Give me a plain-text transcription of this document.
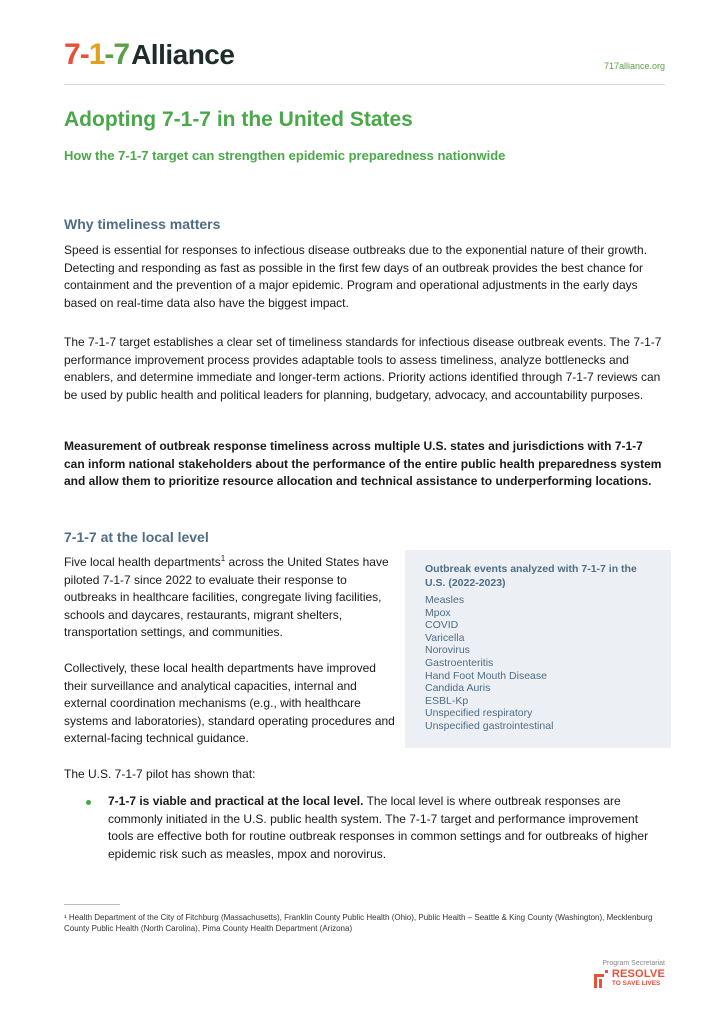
7-1-7 Alliance	717alliance.org
Adopting 7-1-7 in the United States
How the 7-1-7 target can strengthen epidemic preparedness nationwide
Why timeliness matters

Speed is essential for responses to infectious disease outbreaks due to the exponential nature of their growth. Detecting and responding as fast as possible in the first few days of an outbreak provides the best chance for containment and the prevention of a major epidemic. Program and operational adjustments in the early days based on real-time data also have the biggest impact.

The 7-1-7 target establishes a clear set of timeliness standards for infectious disease outbreak events. The 7-1-7 performance improvement process provides adaptable tools to assess timeliness, analyze bottlenecks and enablers, and determine immediate and longer-term actions. Priority actions identified through 7-1-7 reviews can be used by public health and political leaders for planning, budgetary, advocacy, and accountability purposes.

Measurement of outbreak response timeliness across multiple U.S. states and jurisdictions with 7-1-7 can inform national stakeholders about the performance of the entire public health preparedness system and allow them to prioritize resource allocation and technical assistance to underperforming locations.

7-1-7 at the local level

Five local health departments$^1$ across the United States have piloted 7-1-7 since 2022 to evaluate their response to outbreaks in healthcare facilities, congregate living facilities, schools and daycares, restaurants, migrant shelters, transportation settings, and communities.

Collectively, these local health departments have improved their surveillance and analytical capacities, internal and external coordination mechanisms (e.g., with healthcare systems and laboratories), standard operating procedures and external-facing technical guidance.

Outbreak events analyzed with 7-1-7 in the U.S. (2022-2023)
Measles
Mpox
COVID
Varicella
Norovirus
Gastroenteritis
Hand Foot Mouth Disease
Candida Auris
ESBL-Kp
Unspecified respiratory
Unspecified gastrointestinal

The U.S. 7-1-7 pilot has shown that:

7-1-7 is viable and practical at the local level. The local level is where outbreak responses are commonly initiated in the U.S. public health system. The 7-1-7 target and performance improvement tools are effective both for routine outbreak responses in common settings and for outbreaks of higher epidemic risk such as measles, mpox and norovirus.
¹ Health Department of the City of Fitchburg (Massachusetts), Franklin County Public Health (Ohio), Public Health – Seattle & King County (Washington), Mecklenburg County Public Health (North Carolina), Pima County Health Department (Arizona)
Program Secretariat
RESOLVE
TO SAVE LIVES
